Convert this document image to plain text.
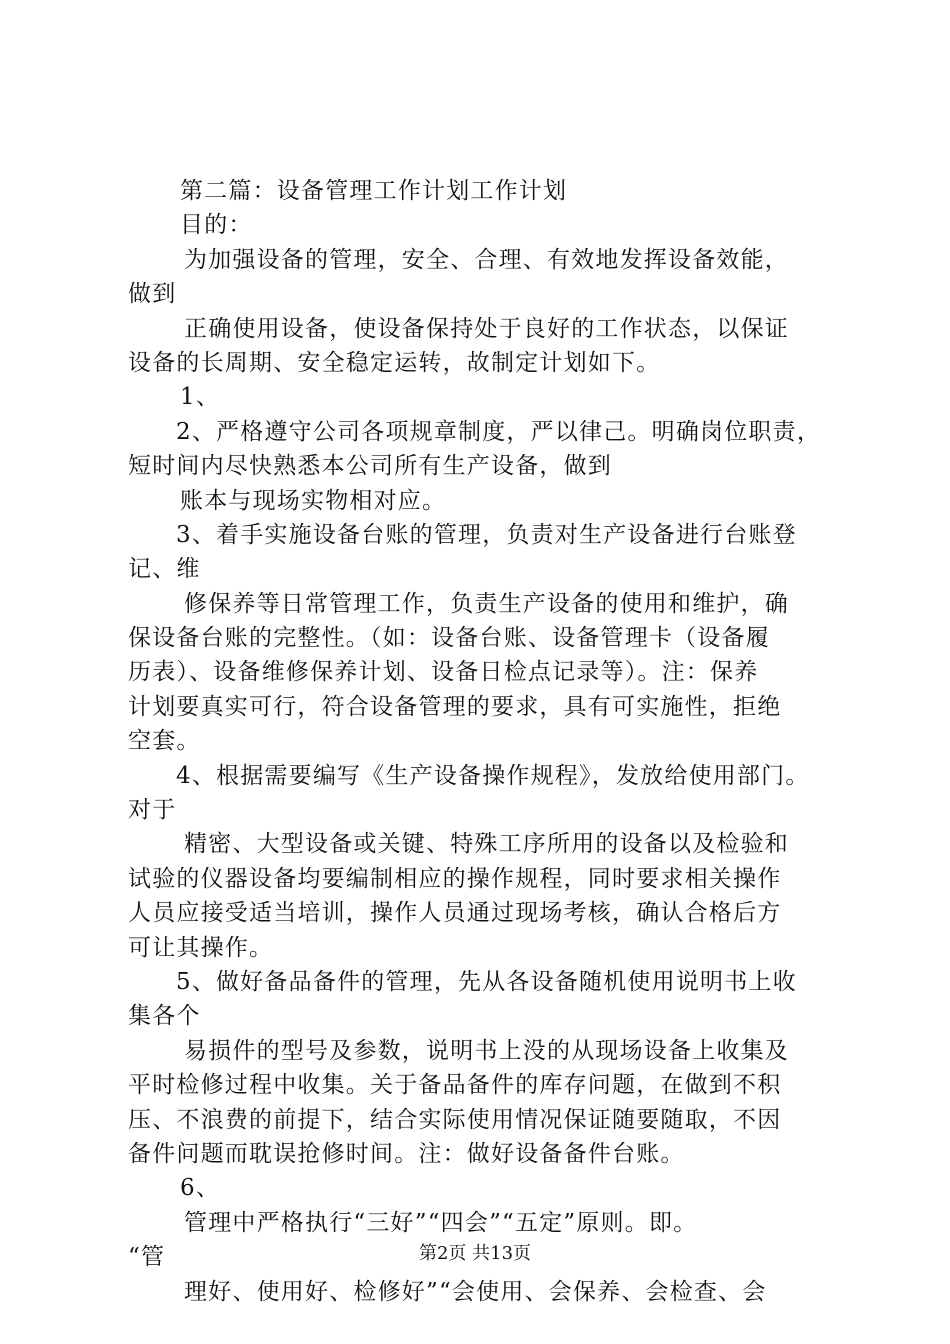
第二篇：设备管理工作计划工作计划
目的：
为加强设备的管理，安全、合理、有效地发挥设备效能，
做到
正确使用设备，使设备保持处于良好的工作状态，以保证
设备的长周期、安全稳定运转，故制定计划如下。
1、
2、严格遵守公司各项规章制度，严以律己。明确岗位职责，
短时间内尽快熟悉本公司所有生产设备，做到
账本与现场实物相对应。
3、着手实施设备台账的管理，负责对生产设备进行台账登
记、维
修保养等日常管理工作，负责生产设备的使用和维护，确
保设备台账的完整性。（如：设备台账、设备管理卡（设备履
历表）、设备维修保养计划、设备日检点记录等）。注：保养
计划要真实可行，符合设备管理的要求，具有可实施性，拒绝
空套。
4、根据需要编写《生产设备操作规程》，发放给使用部门。
对于
精密、大型设备或关键、特殊工序所用的设备以及检验和
试验的仪器设备均要编制相应的操作规程，同时要求相关操作
人员应接受适当培训，操作人员通过现场考核，确认合格后方
可让其操作。
5、做好备品备件的管理，先从各设备随机使用说明书上收
集各个
易损件的型号及参数，说明书上没的从现场设备上收集及
平时检修过程中收集。关于备品备件的库存问题，在做到不积
压、不浪费的前提下，结合实际使用情况保证随要随取，不因
备件问题而耽误抢修时间。注：做好设备备件台账。
6、
管理中严格执行“三好”“四会”“五定”原则。即。
“管
理好、使用好、检修好”“会使用、会保养、会检查、会
第2页 共13页
